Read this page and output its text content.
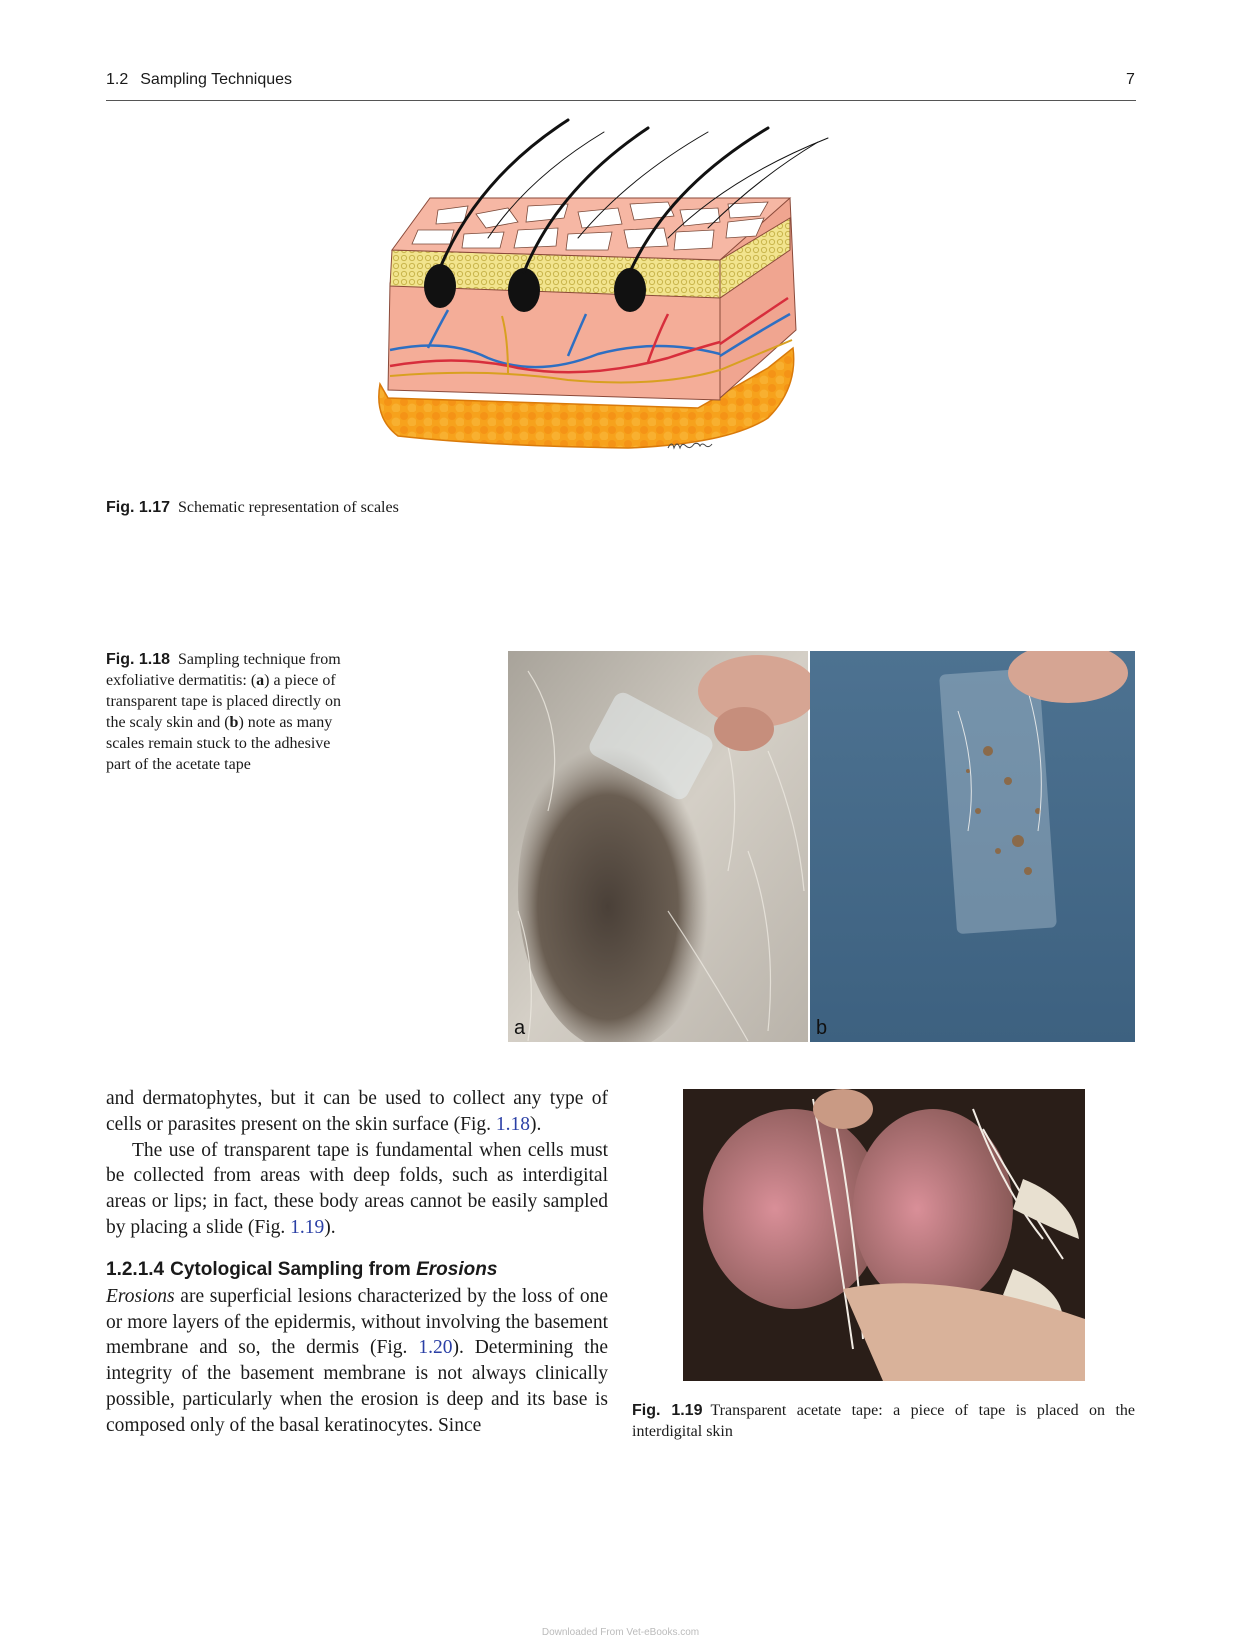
1.2 Sampling Techniques	7
Fig. 1.17 Schematic representation of scales
Fig. 1.18 Sampling technique from exfoliative dermatitis: (a) a piece of transparent tape is placed directly on the scaly skin and (b) note as many scales remain stuck to the adhesive part of the acetate tape
a	b

and dermatophytes, but it can be used to collect any type of cells or parasites present on the skin surface (Fig. 1.18).

The use of transparent tape is fundamental when cells must be collected from areas with deep folds, such as interdigital areas or lips; in fact, these body areas cannot be easily sampled by placing a slide (Fig. 1.19).

1.2.1.4 Cytological Sampling from Erosions

Erosions are superficial lesions characterized by the loss of one or more layers of the epidermis, without involving the basement membrane and so, the dermis (Fig. 1.20). Determining the integrity of the basement membrane is not always clinically possible, particularly when the erosion is deep and its base is composed only of the basal keratinocytes. Since

Fig. 1.19 Transparent acetate tape: a piece of tape is placed on the interdigital skin
Downloaded From Vet-eBooks.com
